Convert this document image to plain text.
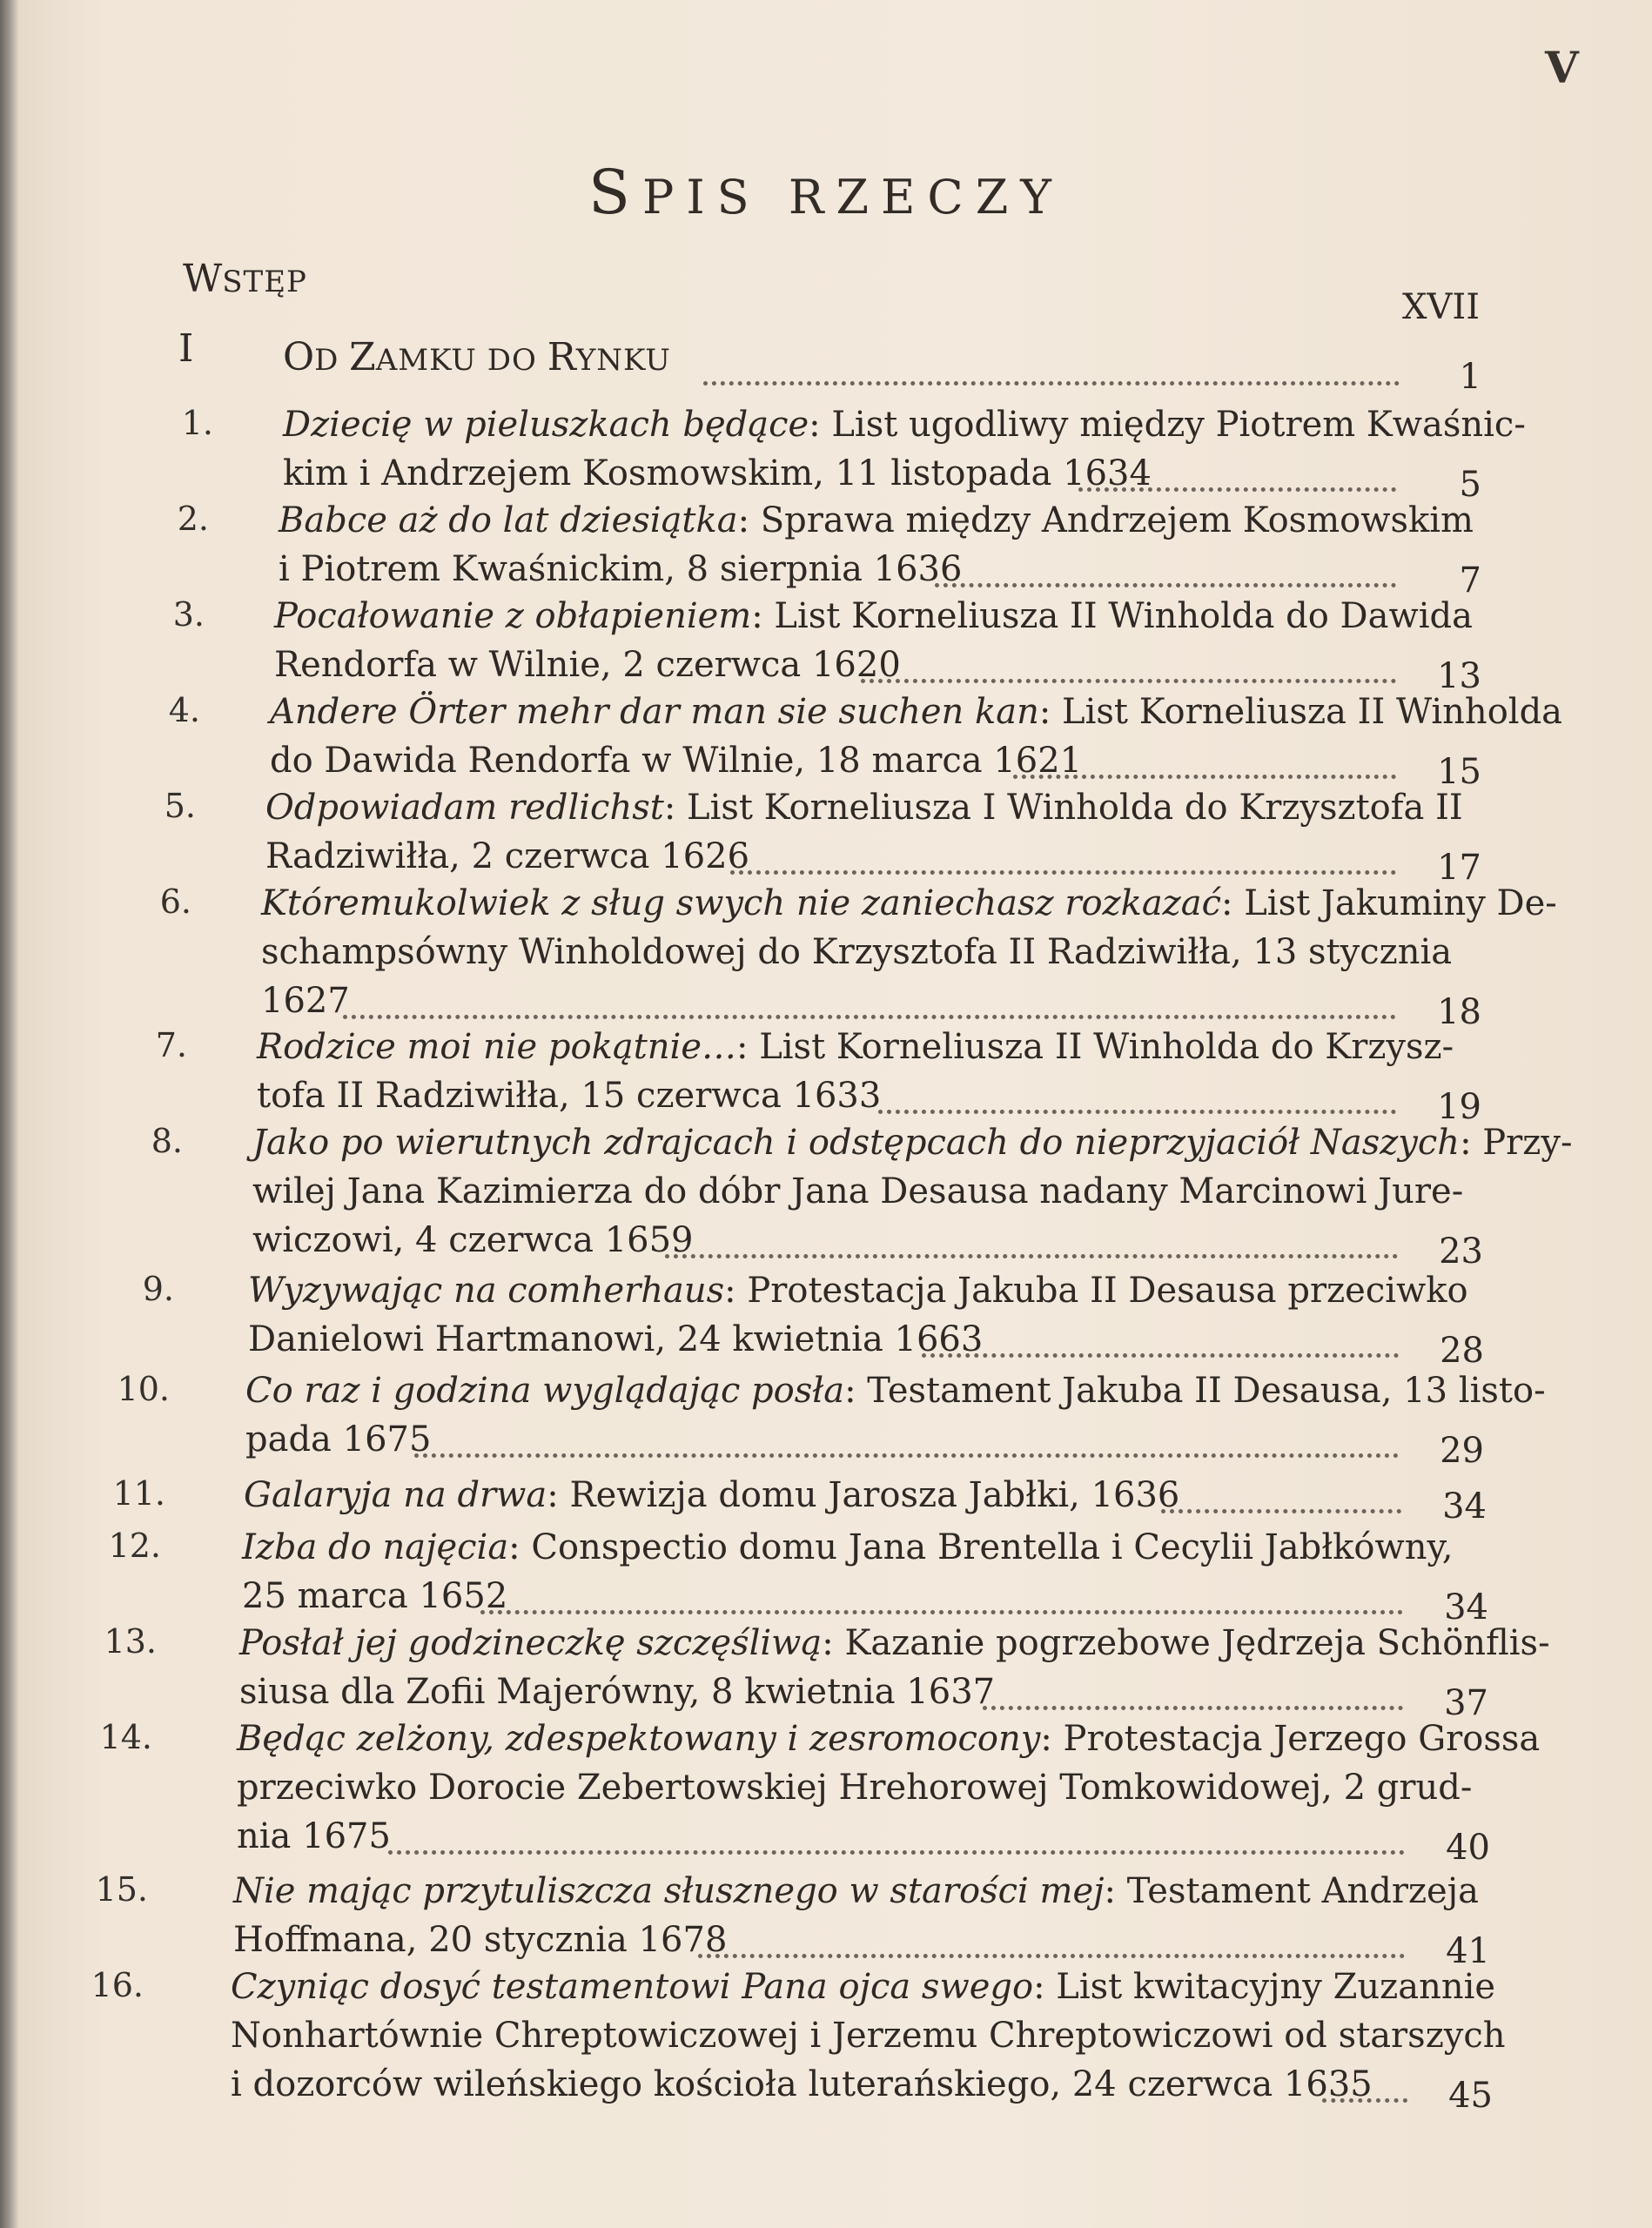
V
SPIS RZECZY
WSTĘP
XVII
I OD ZAMKU DO RYNKU	1
1. Dziecię w pieluszkach będące: List ugodliwy między Piotrem Kwaśnic-
kim i Andrzejem Kosmowskim, 11 listopada 1634	5
2. Babce aż do lat dziesiątka: Sprawa między Andrzejem Kosmowskim
i Piotrem Kwaśnickim, 8 sierpnia 1636	7
3. Pocałowanie z obłapieniem: List Korneliusza II Winholda do Dawida
Rendorfa w Wilnie, 2 czerwca 1620	13
4. Andere Örter mehr dar man sie suchen kan: List Korneliusza II Winholda
do Dawida Rendorfa w Wilnie, 18 marca 1621	15
5. Odpowiadam redlichst: List Korneliusza I Winholda do Krzysztofa II
Radziwiłła, 2 czerwca 1626	17
6. Któremukolwiek z sług swych nie zaniechasz rozkazać: List Jakuminy De-
schampsówny Winholdowej do Krzysztofa II Radziwiłła, 13 stycznia
1627	18
7. Rodzice moi nie pokątnie…: List Korneliusza II Winholda do Krzysz-
tofa II Radziwiłła, 15 czerwca 1633	19
8. Jako po wierutnych zdrajcach i odstępcach do nieprzyjaciół Naszych: Przy-
wilej Jana Kazimierza do dóbr Jana Desausa nadany Marcinowi Jure-
wiczowi, 4 czerwca 1659	23
9. Wyzywając na comherhaus: Protestacja Jakuba II Desausa przeciwko
Danielowi Hartmanowi, 24 kwietnia 1663	28
10. Co raz i godzina wyglądając posła: Testament Jakuba II Desausa, 13 listo-
pada 1675	29
11. Galaryja na drwa: Rewizja domu Jarosza Jabłki, 1636	34
12. Izba do najęcia: Conspectio domu Jana Brentella i Cecylii Jabłkówny,
25 marca 1652	34
13. Posłał jej godzineczkę szczęśliwą: Kazanie pogrzebowe Jędrzeja Schönflis-
siusa dla Zofii Majerówny, 8 kwietnia 1637	37
14. Będąc zelżony, zdespektowany i zesromocony: Protestacja Jerzego Grossa
przeciwko Dorocie Zebertowskiej Hrehorowej Tomkowidowej, 2 grud-
nia 1675	40
15. Nie mając przytuliszcza słusznego w starości mej: Testament Andrzeja
Hoffmana, 20 stycznia 1678	41
16.	Czyniąc dosyć testamentowi Pana ojca swego: List kwitacyjny Zuzannie
Nonhartównie Chreptowiczowej i Jerzemu Chreptowiczowi od starszych
i dozorców wileńskiego kościoła luterańskiego, 24 czerwca 1635	45
